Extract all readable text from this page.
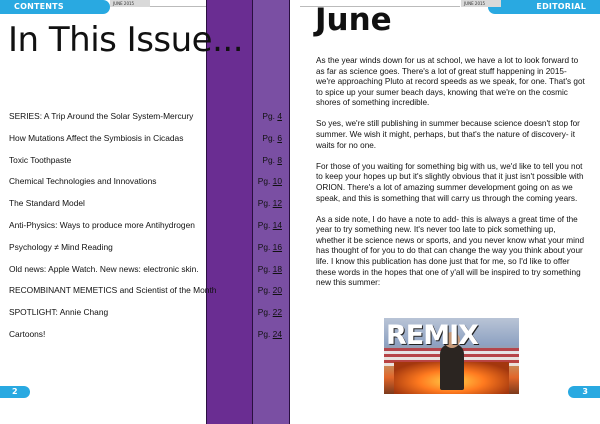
CONTENTS	JUNE 2015
In This Issue...
SERIES: A Trip Around the Solar System-Mercury	Pg. 4
How Mutations Affect the Symbiosis in Cicadas	Pg. 6
Toxic Toothpaste	Pg. 8
Chemical Technologies and Innovations	Pg. 10
The Standard Model	Pg. 12
Anti-Physics: Ways to produce more Antihydrogen	Pg. 14
Psychology ≠ Mind Reading	Pg. 16
Old news: Apple Watch. New news: electronic skin.	Pg. 18
RECOMBINANT MEMETICS and Scientist of the Month	Pg. 20
SPOTLIGHT: Annie Chang	Pg. 22
Cartoons!	Pg. 24
2
EDITORIAL
JUNE 2015
June

As the year winds down for us at school, we have a lot to look forward to as far as science goes. There's a lot of great stuff happening in 2015- we're approaching Pluto at record speeds as we speak, for one. That's got to spice up your sumer beach days, knowing that we're on the cosmic shores of something incredible.

So yes, we're still publishing in summer because science doesn't stop for summer. We wish it might, perhaps, but that's the nature of discovery- it waits for no one.

For those of you waiting for something big with us, we'd like to tell you not to keep your hopes up but it's slightly obvious that it just isn't possible with ORION. There's a lot of amazing summer development going on as we speak, and this is something that will carry us through the coming years.

As a side note, I do have a note to add- this is always a great time of the year to try something new. It's never too late to pick something up, whether it be science news or sports, and you never know what your mind has thought of for you to do that can change the way you think about your life. I know this publication has done just that for me, so I'd like to offer these words in the hopes that one of y'all will be inspired to try something new this summer:

REMIX
3
